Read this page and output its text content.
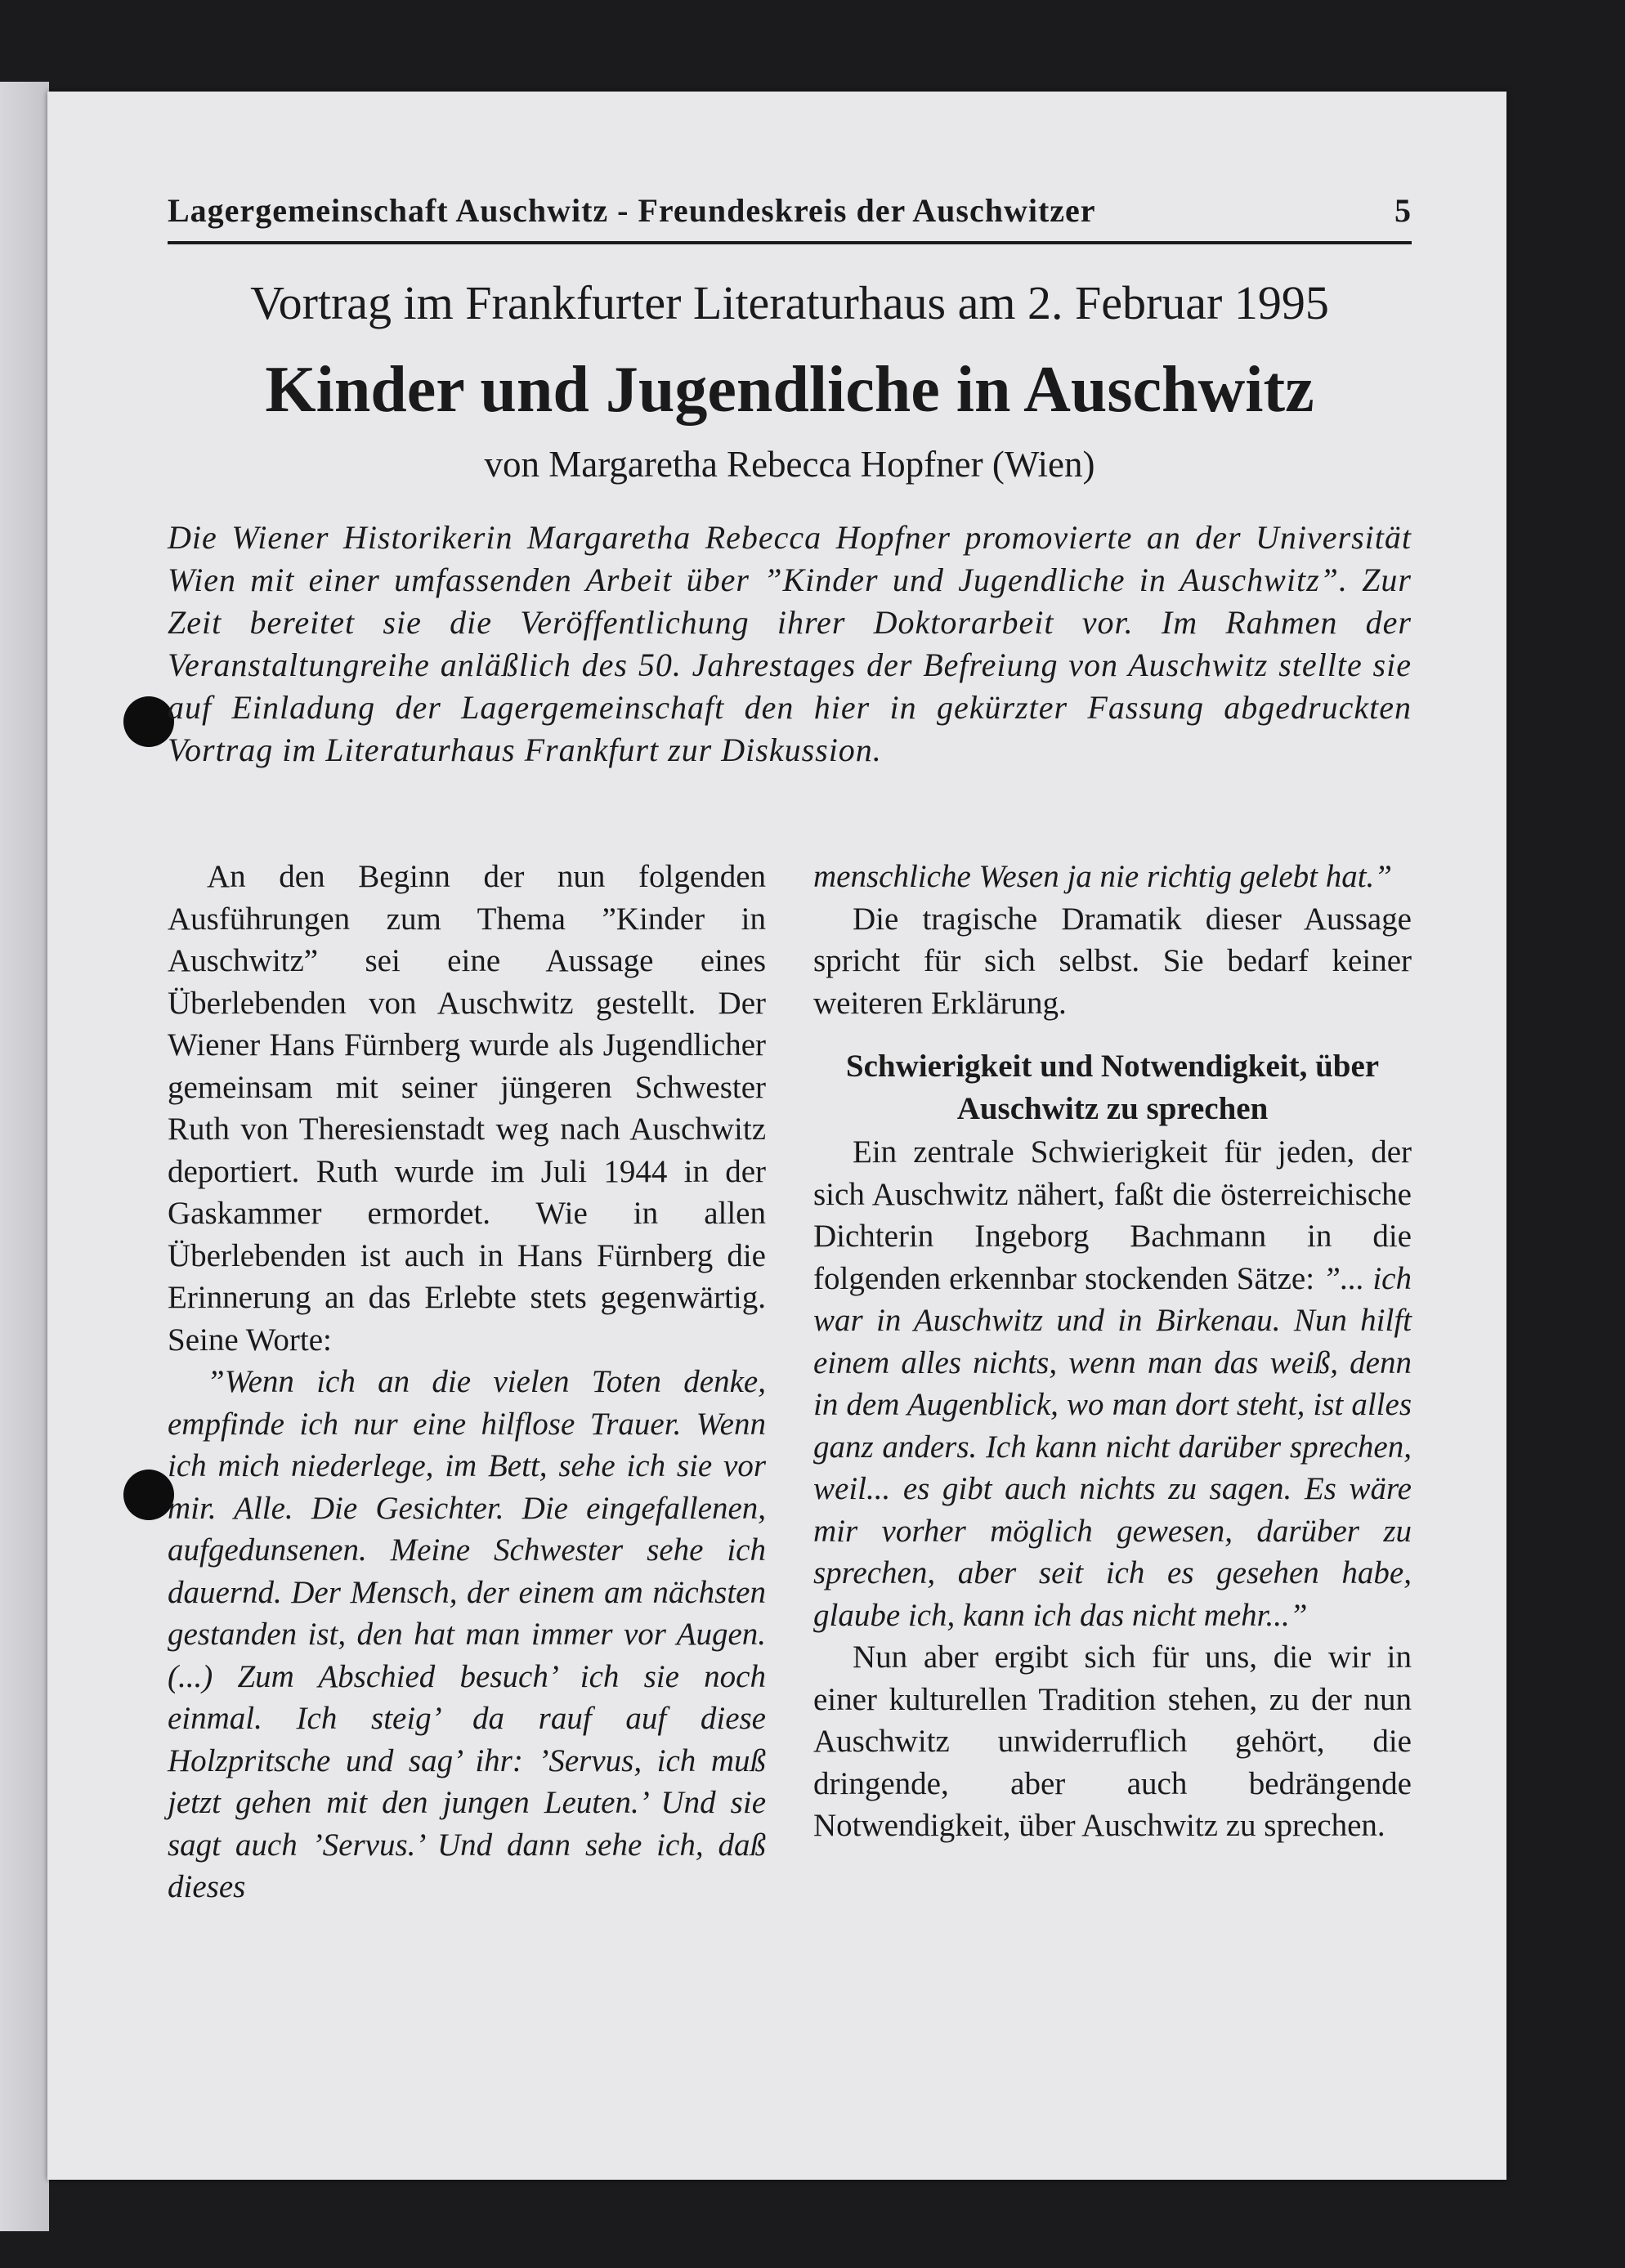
Lagergemeinschaft Auschwitz - Freundeskreis der Auschwitzer	5
Vortrag im Frankfurter Literaturhaus am 2. Februar 1995
Kinder und Jugendliche in Auschwitz
von Margaretha Rebecca Hopfner (Wien)
Die Wiener Historikerin Margaretha Rebecca Hopfner promovierte an der Universität Wien mit einer umfassenden Arbeit über ”Kinder und Jugendliche in Auschwitz”. Zur Zeit bereitet sie die Veröffentlichung ihrer Doktorarbeit vor. Im Rahmen der Veranstaltungreihe anläßlich des 50. Jahrestages der Befreiung von Auschwitz stellte sie auf Einladung der Lagergemeinschaft den hier in gekürzter Fassung abgedruckten Vortrag im Literaturhaus Frankfurt zur Diskussion.

An den Beginn der nun folgenden Ausführungen zum Thema ”Kinder in Auschwitz” sei eine Aussage eines Überlebenden von Auschwitz gestellt. Der Wiener Hans Fürnberg wurde als Jugendlicher gemeinsam mit seiner jüngeren Schwester Ruth von Theresienstadt weg nach Auschwitz deportiert. Ruth wurde im Juli 1944 in der Gaskammer ermordet. Wie in allen Überlebenden ist auch in Hans Fürnberg die Erinnerung an das Erlebte stets gegenwärtig. Seine Worte:

”Wenn ich an die vielen Toten denke, empfinde ich nur eine hilflose Trauer. Wenn ich mich niederlege, im Bett, sehe ich sie vor mir. Alle. Die Gesichter. Die eingefallenen, aufgedunsenen. Meine Schwester sehe ich dauernd. Der Mensch, der einem am nächsten gestanden ist, den hat man immer vor Augen. (...) Zum Abschied besuch’ ich sie noch einmal. Ich steig’ da rauf auf diese Holzpritsche und sag’ ihr: ’Servus, ich muß jetzt gehen mit den jungen Leuten.’ Und sie sagt auch ’Servus.’ Und dann sehe ich, daß dieses

menschliche Wesen ja nie richtig gelebt hat.”

Die tragische Dramatik dieser Aussage spricht für sich selbst. Sie bedarf keiner weiteren Erklärung.

Schwierigkeit und Notwendigkeit, über Auschwitz zu sprechen

Ein zentrale Schwierigkeit für jeden, der sich Auschwitz nähert, faßt die österreichische Dichterin Ingeborg Bachmann in die folgenden erkennbar stockenden Sätze: ”... ich war in Auschwitz und in Birkenau. Nun hilft einem alles nichts, wenn man das weiß, denn in dem Augenblick, wo man dort steht, ist alles ganz anders. Ich kann nicht darüber sprechen, weil... es gibt auch nichts zu sagen. Es wäre mir vorher möglich gewesen, darüber zu sprechen, aber seit ich es gesehen habe, glaube ich, kann ich das nicht mehr...”

Nun aber ergibt sich für uns, die wir in einer kulturellen Tradition stehen, zu der nun Auschwitz unwiderruflich gehört, die dringende, aber auch bedrängende Notwendigkeit, über Auschwitz zu sprechen.
